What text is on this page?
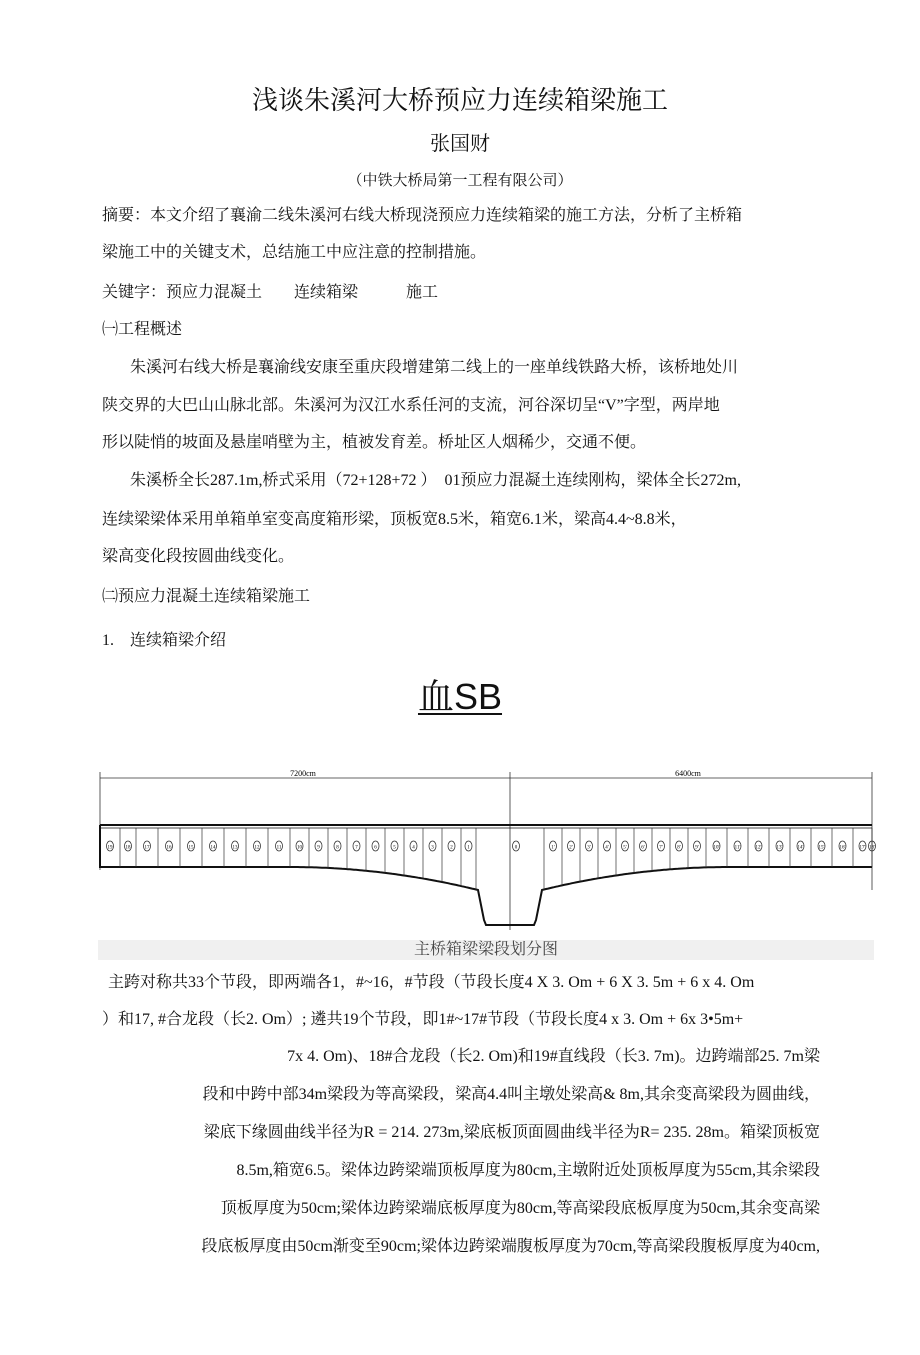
浅谈朱溪河大桥预应力连续箱梁施工
张国财
（中铁大桥局第一工程有限公司）
摘要：本文介绍了襄渝二线朱溪河右线大桥现浇预应力连续箱梁的施工方法，分析了主桥箱
梁施工中的关键支术，总结施工中应注意的控制措施。
关键字：预应力混凝土　　连续箱梁　　　施工
㈠工程概述
朱溪河右线大桥是襄渝线安康至重庆段增建第二线上的一座单线铁路大桥，该桥地处川
陕交界的大巴山山脉北部。朱溪河为汉江水系任河的支流，河谷深切呈“V”字型，两岸地
形以陡悄的坡面及悬崖哨壁为主，植被发育差。桥址区人烟稀少，交通不便。
朱溪桥全长287.1m,桥式采用（72+128+72 ）　01预应力混凝土连续刚构，梁体全长272m,
连续梁梁体采用单箱单室变高度箱形梁，顶板宽8.5米，箱宽6.1米，梁高4.4~8.8米，
梁高变化段按圆曲线变化。
㈡预应力混凝土连续箱梁施工
1.　连续箱梁介绍
血SB
7200cm	6400cm
19	18	17	16	15	14	13	12	11	10	9	8	7	6	5	4	3	2	1	0	1'	2'	3'	4'	5'	6'	7'	8'	9'	10'	11'	12'	13'	14'	15'	16'	17' 18'
主桥箱梁梁段划分图
主跨对称共33个节段，即两端各1，#~16，#节段（节段长度4 X 3. Om + 6 X 3. 5m + 6 x 4. Om
）和17, #合龙段（长2. Om）; 遴共19个节段，即1#~17#节段（节段长度4 x 3. Om + 6x 3•5m+
7x 4. Om)、18#合龙段（长2. Om)和19#直线段（长3. 7m)。边跨端部25. 7m梁
段和中跨中部34m梁段为等高梁段，梁高4.4叫主墩处梁高& 8m,其余变高梁段为圆曲线，
梁底下缘圆曲线半径为R = 214. 273m,梁底板顶面圆曲线半径为R= 235. 28m。箱梁顶板宽
8.5m,箱宽6.5。梁体边跨梁端顶板厚度为80cm,主墩附近处顶板厚度为55cm,其余梁段
顶板厚度为50cm;梁体边跨梁端底板厚度为80cm,等高梁段底板厚度为50cm,其余变高梁
段底板厚度由50cm渐变至90cm;梁体边跨梁端腹板厚度为70cm,等高梁段腹板厚度为40cm,
